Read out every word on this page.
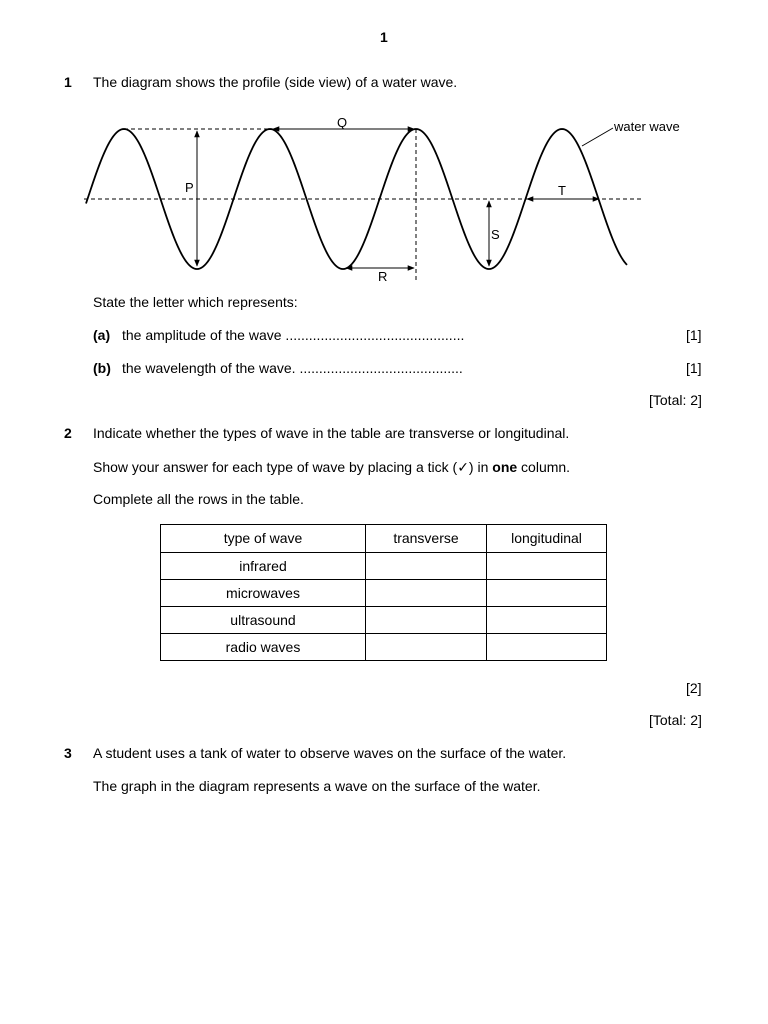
1
1 The diagram shows the profile (side view) of a water wave.
P
Q
R
S
T
water wave
State the letter which represents:
(a) the amplitude of the wave ..............................................	[1]
(b) the wavelength of the wave. ..........................................	[1]
[Total: 2]
2 Indicate whether the types of wave in the table are transverse or longitudinal.
Show your answer for each type of wave by placing a tick (✓) in one column.
Complete all the rows in the table.
type of wave	transverse	longitudinal
infrared		
microwaves		
ultrasound		
radio waves		
[2]
[Total: 2]
3 A student uses a tank of water to observe waves on the surface of the water.
The graph in the diagram represents a wave on the surface of the water.
